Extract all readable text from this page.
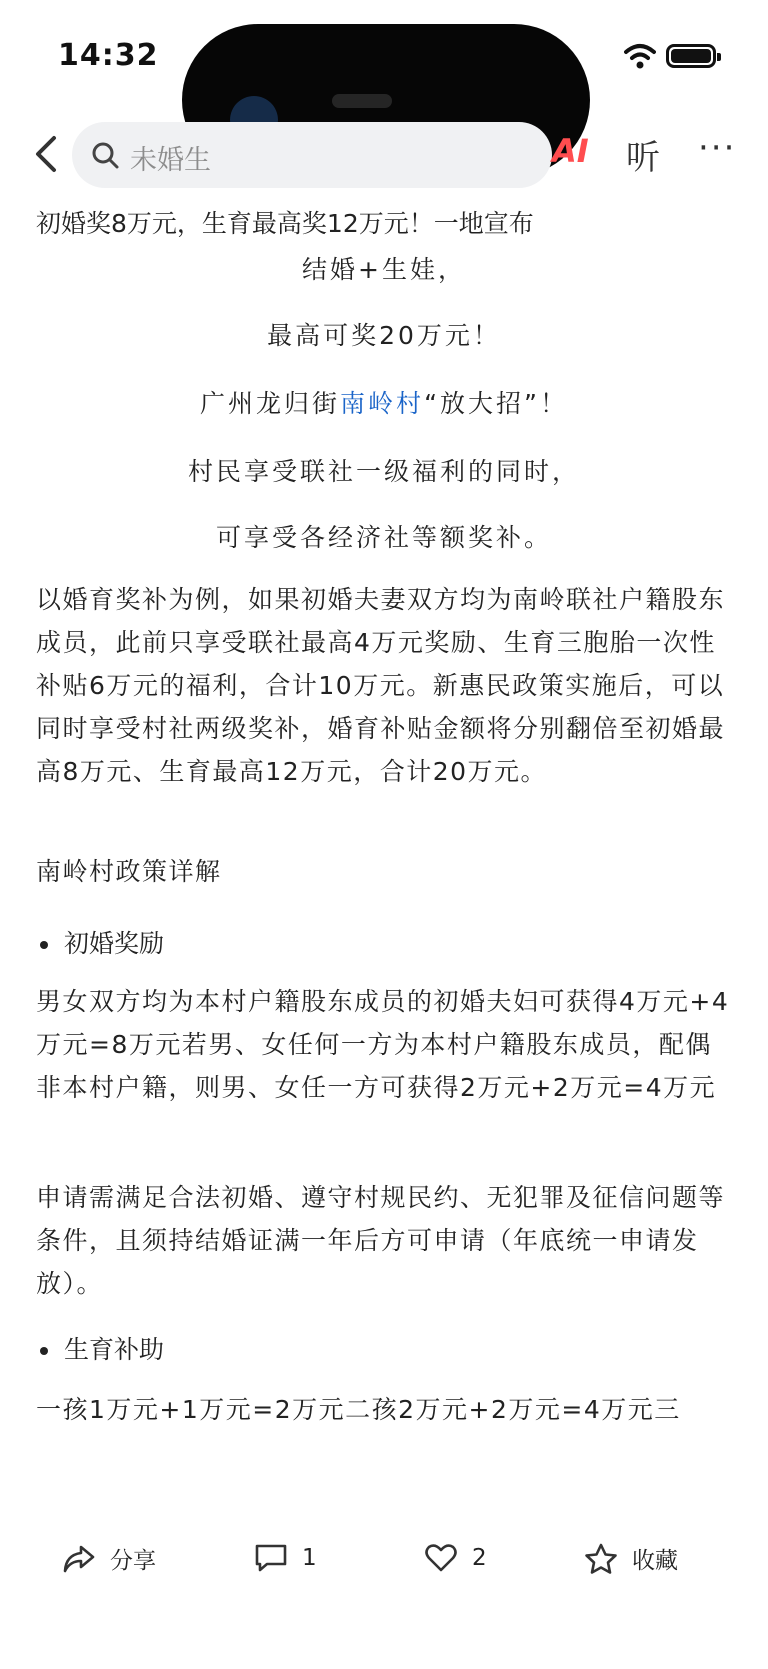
14:32
未婚生	AI 听 ···
初婚奖8万元，生育最高奖12万元！一地宣布
结婚+生娃，
最高可奖20万元！
广州龙归街南岭村“放大招”！
村民享受联社一级福利的同时，
可享受各经济社等额奖补。
以婚育奖补为例，如果初婚夫妻双方均为南岭联社户籍股东成员，此前只享受联社最高4万元奖励、生育三胞胎一次性补贴6万元的福利，合计10万元。新惠民政策实施后，可以同时享受村社两级奖补，婚育补贴金额将分别翻倍至初婚最高8万元、生育最高12万元，合计20万元。
南岭村政策详解
初婚奖励
男女双方均为本村户籍股东成员的初婚夫妇可获得4万元+4万元=8万元若男、女任何一方为本村户籍股东成员，配偶非本村户籍，则男、女任一方可获得2万元+2万元=4万元
申请需满足合法初婚、遵守村规民约、无犯罪及征信问题等条件，且须持结婚证满一年后方可申请（年底统一申请发放）。
生育补助
一孩1万元+1万元=2万元二孩2万元+2万元=4万元三
分享	1	2	收藏
